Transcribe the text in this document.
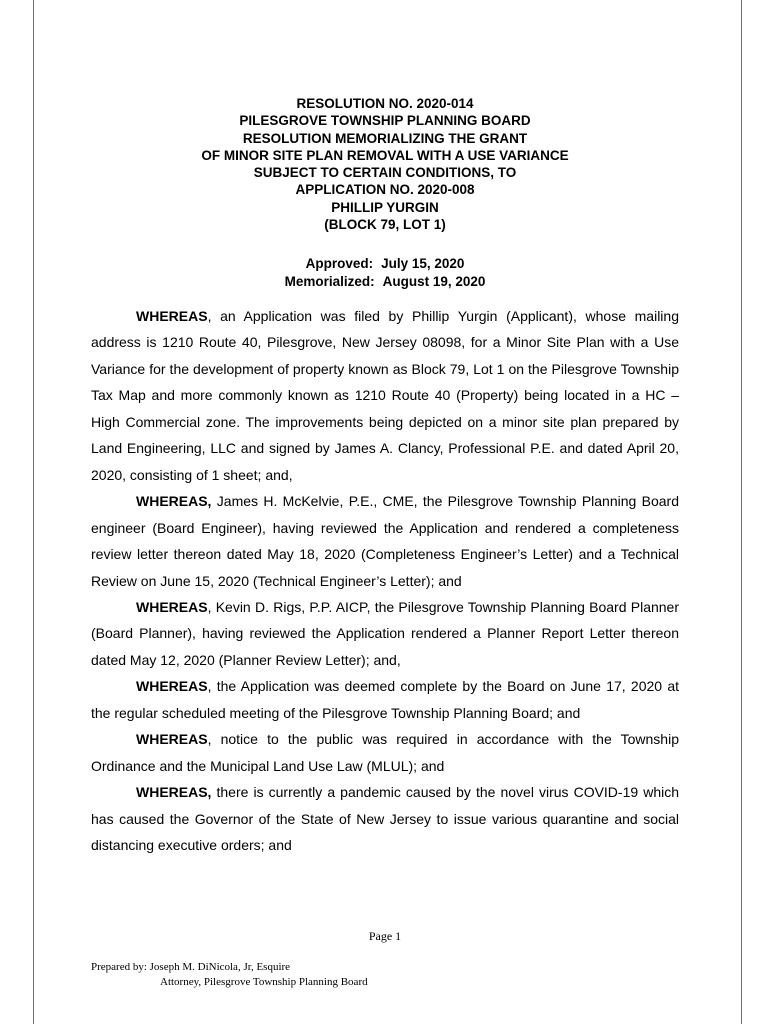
RESOLUTION NO. 2020-014
PILESGROVE TOWNSHIP PLANNING BOARD
RESOLUTION MEMORIALIZING THE GRANT
OF MINOR SITE PLAN REMOVAL WITH A USE VARIANCE
SUBJECT TO CERTAIN CONDITIONS, TO
APPLICATION NO. 2020-008
PHILLIP YURGIN
(BLOCK 79, LOT 1)
Approved: July 15, 2020
Memorialized: August 19, 2020

WHEREAS, an Application was filed by Phillip Yurgin (Applicant), whose mailing address is 1210 Route 40, Pilesgrove, New Jersey 08098, for a Minor Site Plan with a Use Variance for the development of property known as Block 79, Lot 1 on the Pilesgrove Township Tax Map and more commonly known as 1210 Route 40 (Property) being located in a HC – High Commercial zone. The improvements being depicted on a minor site plan prepared by Land Engineering, LLC and signed by James A. Clancy, Professional P.E. and dated April 20, 2020, consisting of 1 sheet; and,

WHEREAS, James H. McKelvie, P.E., CME, the Pilesgrove Township Planning Board engineer (Board Engineer), having reviewed the Application and rendered a completeness review letter thereon dated May 18, 2020 (Completeness Engineer’s Letter) and a Technical Review on June 15, 2020 (Technical Engineer’s Letter); and

WHEREAS, Kevin D. Rigs, P.P. AICP, the Pilesgrove Township Planning Board Planner (Board Planner), having reviewed the Application rendered a Planner Report Letter thereon dated May 12, 2020 (Planner Review Letter); and,

WHEREAS, the Application was deemed complete by the Board on June 17, 2020 at the regular scheduled meeting of the Pilesgrove Township Planning Board; and

WHEREAS, notice to the public was required in accordance with the Township Ordinance and the Municipal Land Use Law (MLUL); and

WHEREAS, there is currently a pandemic caused by the novel virus COVID-19 which has caused the Governor of the State of New Jersey to issue various quarantine and social distancing executive orders; and

Page 1
Prepared by: Joseph M. DiNicola, Jr, Esquire
Attorney, Pilesgrove Township Planning Board
